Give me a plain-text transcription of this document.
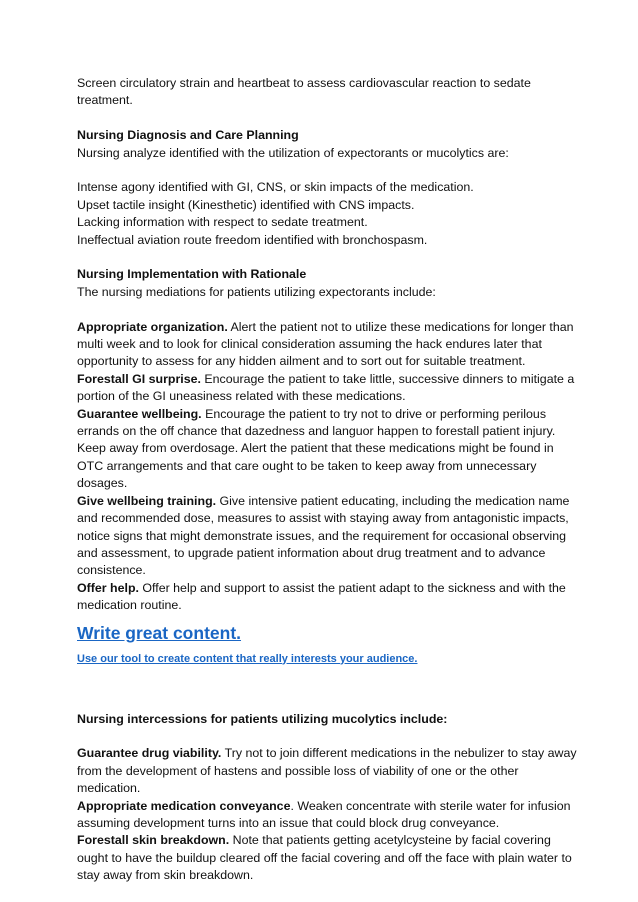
Screen circulatory strain and heartbeat to assess cardiovascular reaction to sedate treatment.

Nursing Diagnosis and Care Planning

Nursing analyze identified with the utilization of expectorants or mucolytics are:

Intense agony identified with GI, CNS, or skin impacts of the medication.

Upset tactile insight (Kinesthetic) identified with CNS impacts.

Lacking information with respect to sedate treatment.

Ineffectual aviation route freedom identified with bronchospasm.

Nursing Implementation with Rationale

The nursing mediations for patients utilizing expectorants include:

Appropriate organization. Alert the patient not to utilize these medications for longer than multi week and to look for clinical consideration assuming the hack endures later that opportunity to assess for any hidden ailment and to sort out for suitable treatment.

Forestall GI surprise. Encourage the patient to take little, successive dinners to mitigate a portion of the GI uneasiness related with these medications.

Guarantee wellbeing. Encourage the patient to try not to drive or performing perilous errands on the off chance that dazedness and languor happen to forestall patient injury. Keep away from overdosage. Alert the patient that these medications might be found in OTC arrangements and that care ought to be taken to keep away from unnecessary dosages.

Give wellbeing training. Give intensive patient educating, including the medication name and recommended dose, measures to assist with staying away from antagonistic impacts, notice signs that might demonstrate issues, and the requirement for occasional observing and assessment, to upgrade patient information about drug treatment and to advance consistence.

Offer help. Offer help and support to assist the patient adapt to the sickness and with the medication routine.

Write great content.
Use our tool to create content that really interests your audience.

Nursing intercessions for patients utilizing mucolytics include:

Guarantee drug viability. Try not to join different medications in the nebulizer to stay away from the development of hastens and possible loss of viability of one or the other medication.

Appropriate medication conveyance. Weaken concentrate with sterile water for infusion assuming development turns into an issue that could block drug conveyance.

Forestall skin breakdown. Note that patients getting acetylcysteine by facial covering ought to have the buildup cleared off the facial covering and off the face with plain water to stay away from skin breakdown.
